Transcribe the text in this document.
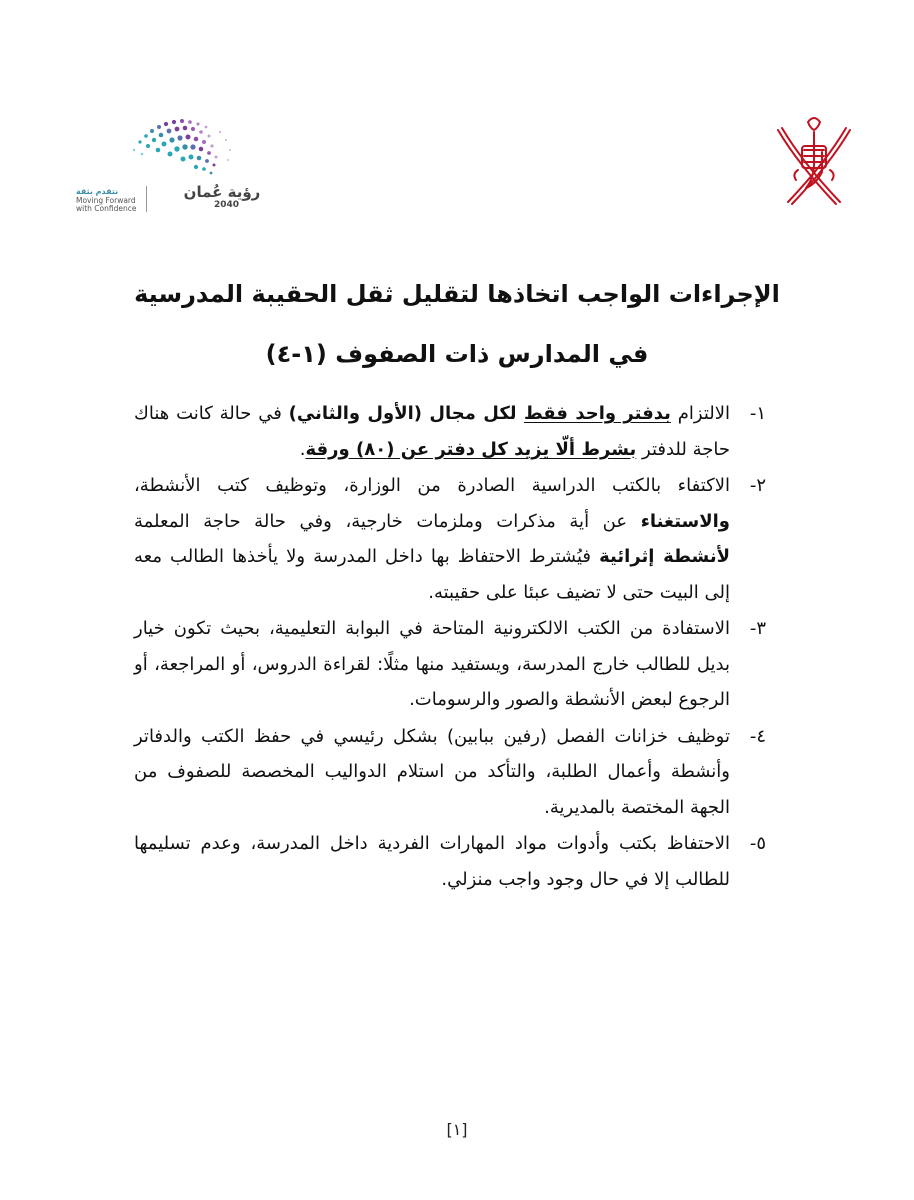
رؤية عُمان
2040
نتقدم بثقة
Moving Forward
with Confidence
الإجراءات الواجب اتخاذها لتقليل ثقل الحقيبة المدرسية
في المدارس ذات الصفوف (١-٤)
١-
الالتزام بدفتر واحد فقط لكل مجال (الأول والثاني) في حالة كانت هناك حاجة للدفتر بشرط ألّا يزيد كل دفتر عن (٨٠) ورقة.
٢-
الاكتفاء بالكتب الدراسية الصادرة من الوزارة، وتوظيف كتب الأنشطة، والاستغناء عن أية مذكرات وملزمات خارجية، وفي حالة حاجة المعلمة لأنشطة إثرائية فيُشترط الاحتفاظ بها داخل المدرسة ولا يأخذها الطالب معه إلى البيت حتى لا تضيف عبئا على حقيبته.
٣-
الاستفادة من الكتب الالكترونية المتاحة في البوابة التعليمية، بحيث تكون خيار بديل للطالب خارج المدرسة، ويستفيد منها مثلًا: لقراءة الدروس، أو المراجعة، أو الرجوع لبعض الأنشطة والصور والرسومات.
٤-
توظيف خزانات الفصل (رفين ببابين) بشكل رئيسي في حفظ الكتب والدفاتر وأنشطة وأعمال الطلبة، والتأكد من استلام الدواليب المخصصة للصفوف من الجهة المختصة بالمديرية.
٥-
الاحتفاظ بكتب وأدوات مواد المهارات الفردية داخل المدرسة، وعدم تسليمها للطالب إلا في حال وجود واجب منزلي.
[١]
